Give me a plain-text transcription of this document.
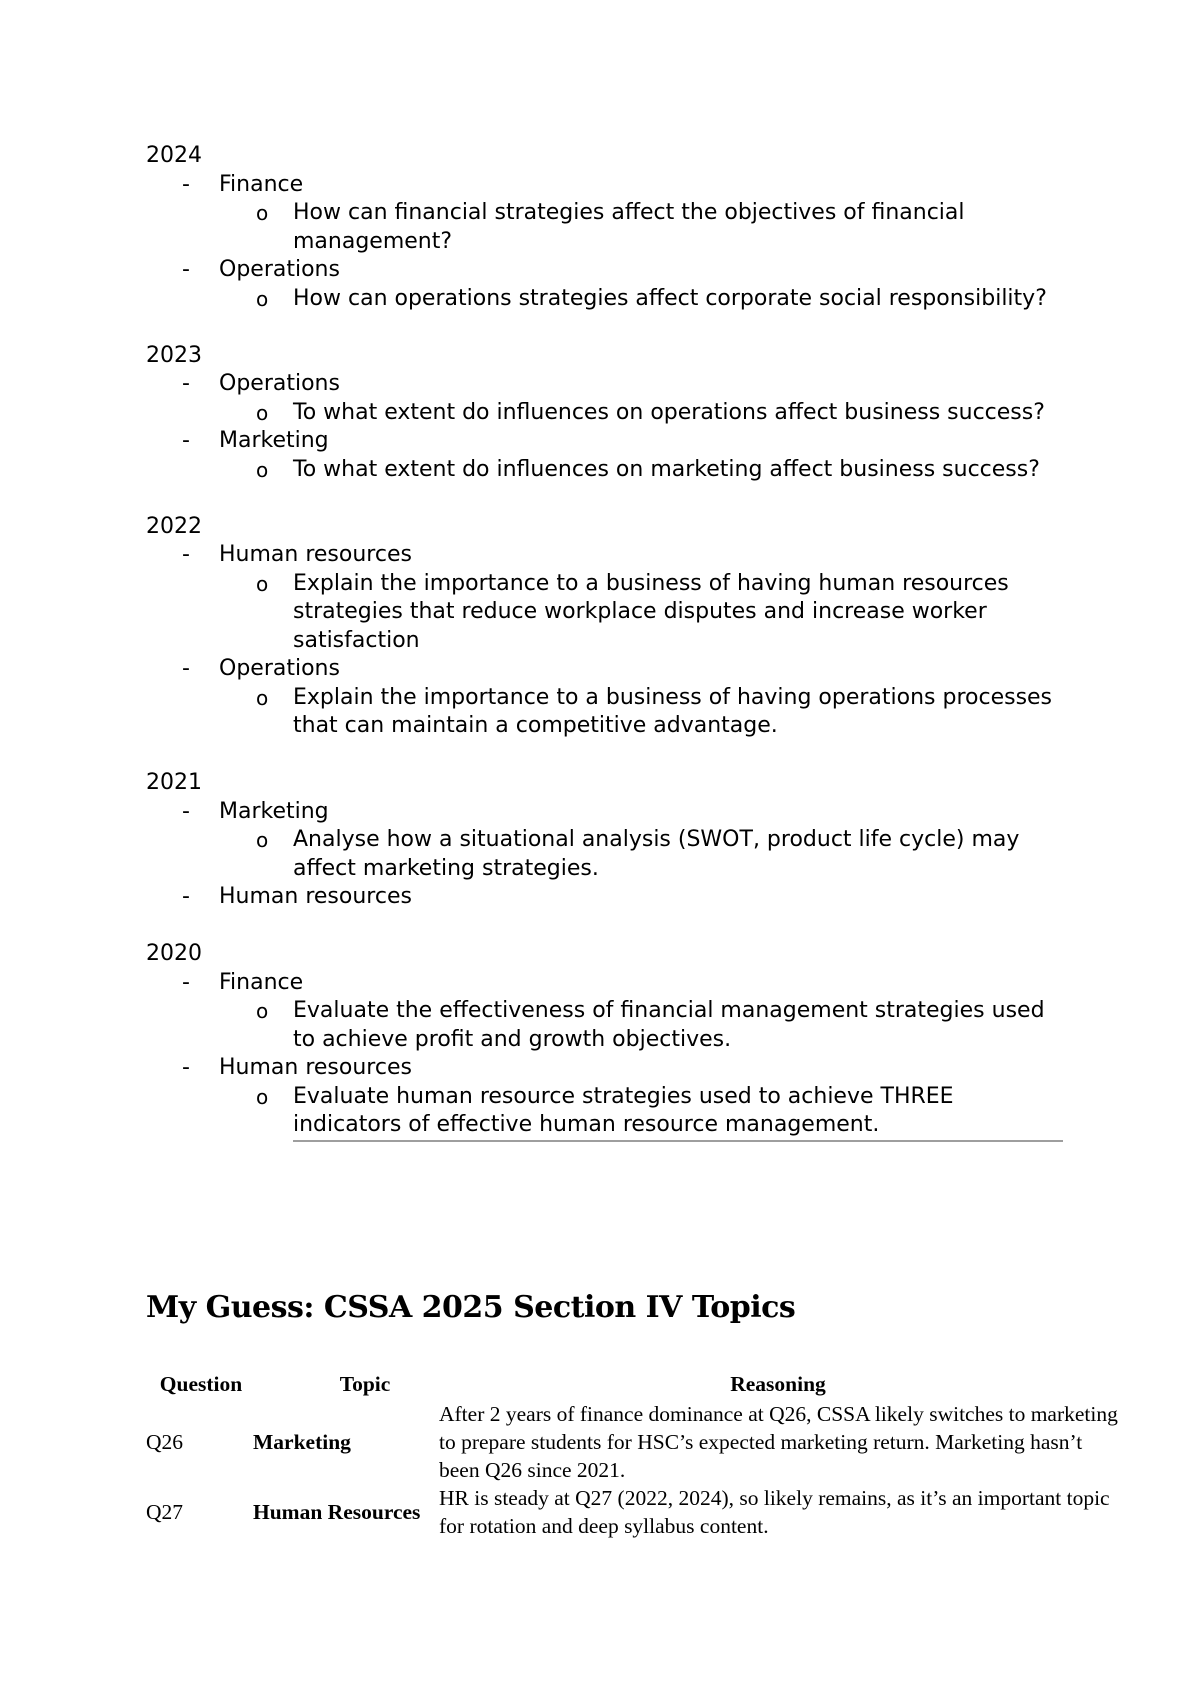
2024
- Finance
o How can financial strategies affect the objectives of financial management?
- Operations
o How can operations strategies affect corporate social responsibility?
2023
- Operations
o To what extent do influences on operations affect business success?
- Marketing
o To what extent do influences on marketing affect business success?
2022
- Human resources
o Explain the importance to a business of having human resources strategies that reduce workplace disputes and increase worker satisfaction
- Operations
o Explain the importance to a business of having operations processes that can maintain a competitive advantage.
2021
- Marketing
o Analyse how a situational analysis (SWOT, product life cycle) may affect marketing strategies.
- Human resources
2020
- Finance
o Evaluate the effectiveness of financial management strategies used to achieve profit and growth objectives.
- Human resources
o Evaluate human resource strategies used to achieve THREE indicators of effective human resource management.
My Guess: CSSA 2025 Section IV Topics
Question	Topic	Reasoning
Q26	Marketing	After 2 years of finance dominance at Q26, CSSA likely switches to marketing to prepare students for HSC’s expected marketing return. Marketing hasn’t been Q26 since 2021.
Q27	Human Resources	HR is steady at Q27 (2022, 2024), so likely remains, as it’s an important topic for rotation and deep syllabus content.
